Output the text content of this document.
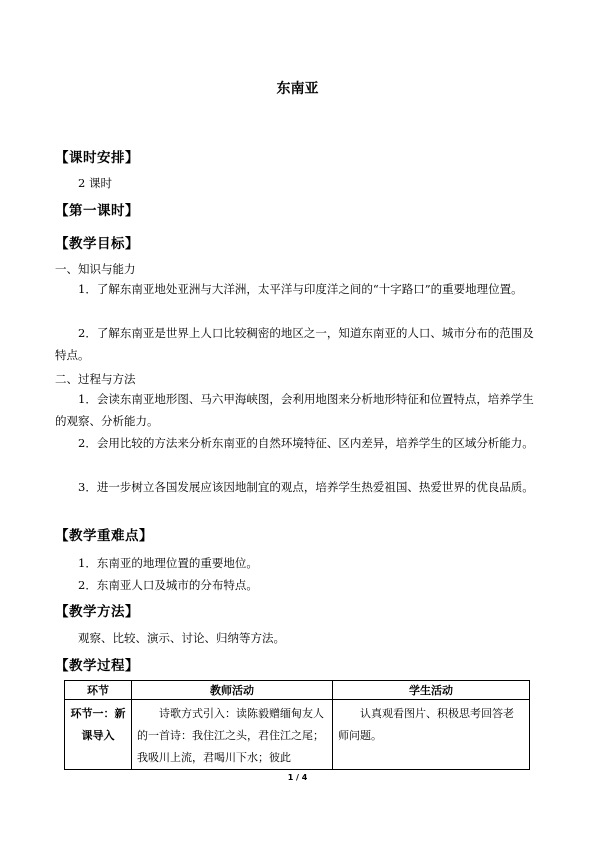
东南亚
【课时安排】
2 课时
【第一课时】
【教学目标】
一、知识与能力
1．了解东南亚地处亚洲与大洋洲，太平洋与印度洋之间的“十字路口”的重要地理位置。
2．了解东南亚是世界上人口比较稠密的地区之一，知道东南亚的人口、城市分布的范围及特点。
二、过程与方法
1．会读东南亚地形图、马六甲海峡图，会利用地图来分析地形特征和位置特点，培养学生的观察、分析能力。
2．会用比较的方法来分析东南亚的自然环境特征、区内差异，培养学生的区域分析能力。
3．进一步树立各国发展应该因地制宜的观点，培养学生热爱祖国、热爱世界的优良品质。
【教学重难点】
1．东南亚的地理位置的重要地位。
2．东南亚人口及城市的分布特点。
【教学方法】
观察、比较、演示、讨论、归纳等方法。
【教学过程】
环节	教师活动	学生活动

环节一：新课导入	诗歌方式引入：读陈毅赠缅甸友人的一首诗：我住江之头，君住江之尾；我吸川上流，君喝川下水；彼此	认真观看图片、积极思考回答老师问题。
1 / 4
